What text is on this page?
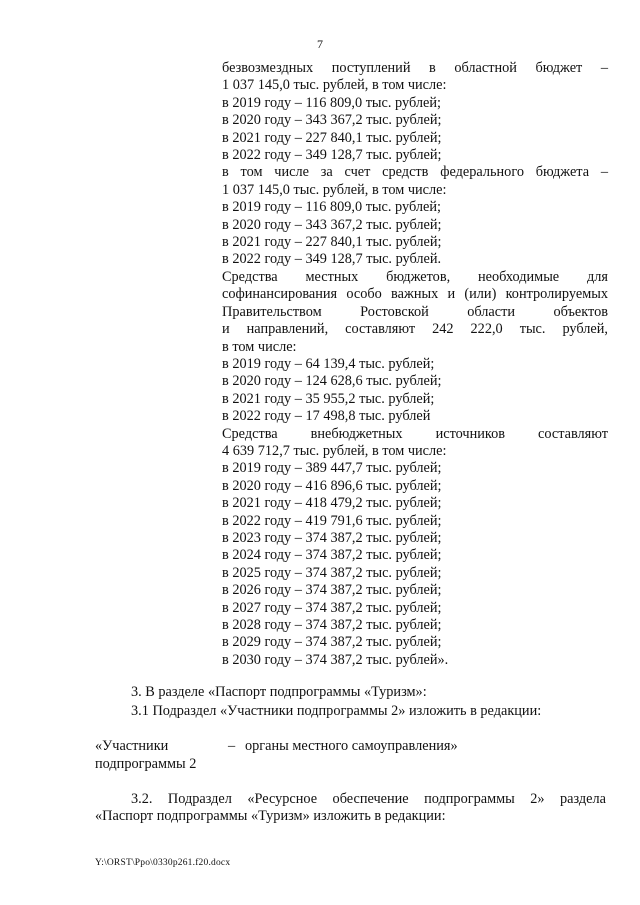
7
безвозмездных поступлений в областной бюджет –
1 037 145,0 тыс. рублей, в том числе:
в 2019 году – 116 809,0 тыс. рублей;
в 2020 году – 343 367,2 тыс. рублей;
в 2021 году – 227 840,1 тыс. рублей;
в 2022 году – 349 128,7 тыс. рублей;
в том числе за счет средств федерального бюджета –
1 037 145,0 тыс. рублей, в том числе:
в 2019 году – 116 809,0 тыс. рублей;
в 2020 году – 343 367,2 тыс. рублей;
в 2021 году – 227 840,1 тыс. рублей;
в 2022 году – 349 128,7 тыс. рублей.
Средства местных бюджетов, необходимые для
софинансирования особо важных и (или) контролируемых
Правительством Ростовской области объектов
и направлений, составляют 242 222,0 тыс. рублей,
в том числе:
в 2019 году – 64 139,4 тыс. рублей;
в 2020 году – 124 628,6 тыс. рублей;
в 2021 году – 35 955,2 тыс. рублей;
в 2022 году – 17 498,8 тыс. рублей
Средства внебюджетных источников составляют
4 639 712,7 тыс. рублей, в том числе:
в 2019 году – 389 447,7 тыс. рублей;
в 2020 году – 416 896,6 тыс. рублей;
в 2021 году – 418 479,2 тыс. рублей;
в 2022 году – 419 791,6 тыс. рублей;
в 2023 году – 374 387,2 тыс. рублей;
в 2024 году – 374 387,2 тыс. рублей;
в 2025 году – 374 387,2 тыс. рублей;
в 2026 году – 374 387,2 тыс. рублей;
в 2027 году – 374 387,2 тыс. рублей;
в 2028 году – 374 387,2 тыс. рублей;
в 2029 году – 374 387,2 тыс. рублей;
в 2030 году – 374 387,2 тыс. рублей».
3. В разделе «Паспорт подпрограммы «Туризм»:
3.1 Подраздел «Участники подпрограммы 2» изложить в редакции:
«Участники
подпрограммы 2
– органы местного самоуправления»
3.2. Подраздел «Ресурсное обеспечение подпрограммы 2» раздела
«Паспорт подпрограммы «Туризм» изложить в редакции:
Y:\ORST\Ppo\0330p261.f20.docx
